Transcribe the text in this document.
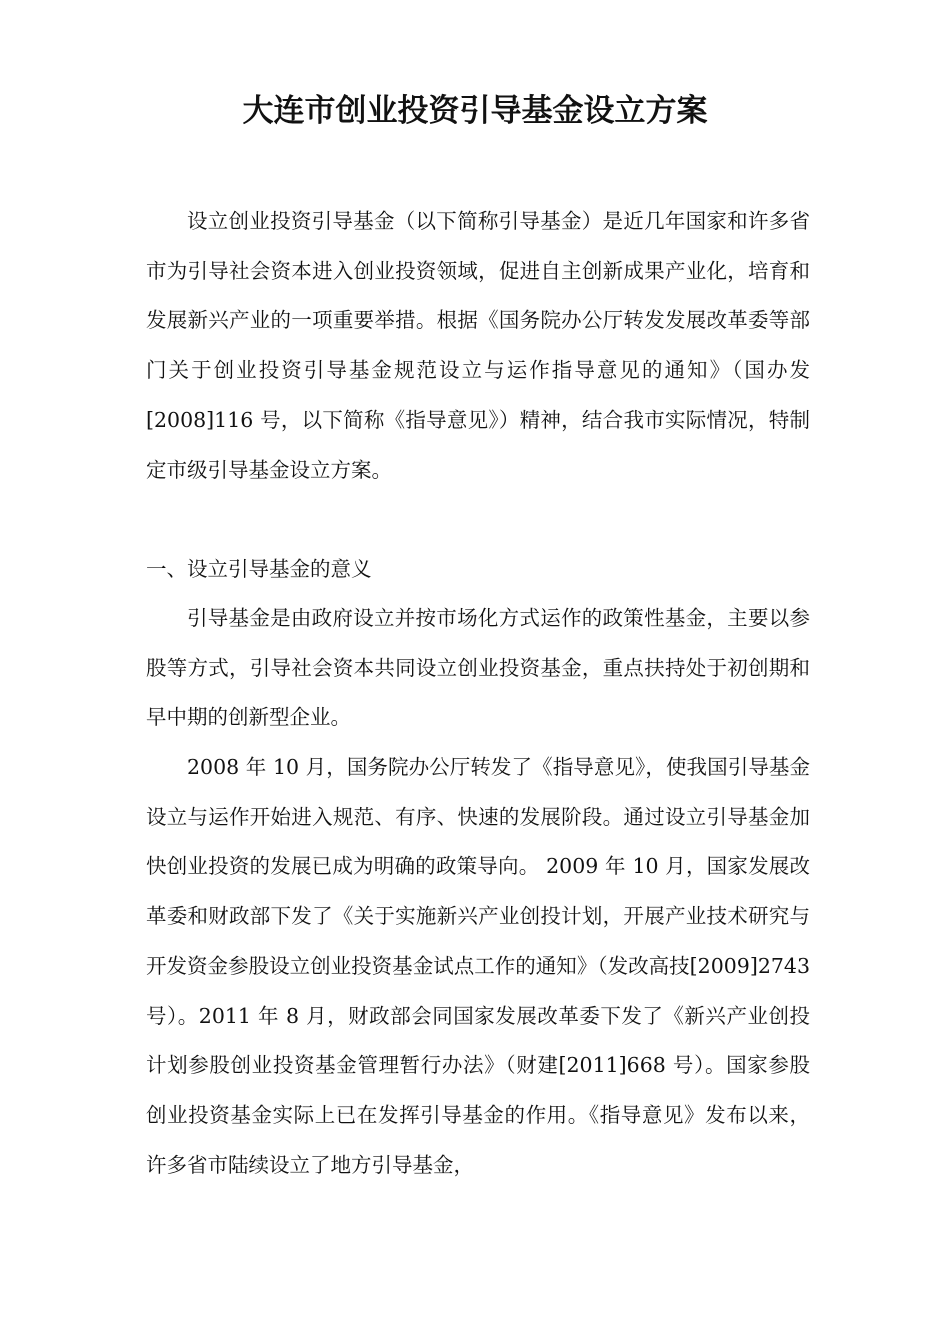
大连市创业投资引导基金设立方案

设立创业投资引导基金（以下简称引导基金）是近几年国家和许多省市为引导社会资本进入创业投资领域，促进自主创新成果产业化，培育和发展新兴产业的一项重要举措。根据《国务院办公厅转发发展改革委等部门关于创业投资引导基金规范设立与运作指导意见的通知》（国办发[2008]116 号，以下简称《指导意见》）精神，结合我市实际情况，特制定市级引导基金设立方案。

一、设立引导基金的意义

引导基金是由政府设立并按市场化方式运作的政策性基金，主要以参股等方式，引导社会资本共同设立创业投资基金，重点扶持处于初创期和早中期的创新型企业。

2008 年 10 月，国务院办公厅转发了《指导意见》，使我国引导基金设立与运作开始进入规范、有序、快速的发展阶段。通过设立引导基金加快创业投资的发展已成为明确的政策导向。 2009 年 10 月，国家发展改革委和财政部下发了《关于实施新兴产业创投计划，开展产业技术研究与开发资金参股设立创业投资基金试点工作的通知》（发改高技[2009]2743 号）。2011 年 8 月，财政部会同国家发展改革委下发了《新兴产业创投计划参股创业投资基金管理暂行办法》（财建[2011]668 号）。国家参股创业投资基金实际上已在发挥引导基金的作用。《指导意见》发布以来，许多省市陆续设立了地方引导基金，
